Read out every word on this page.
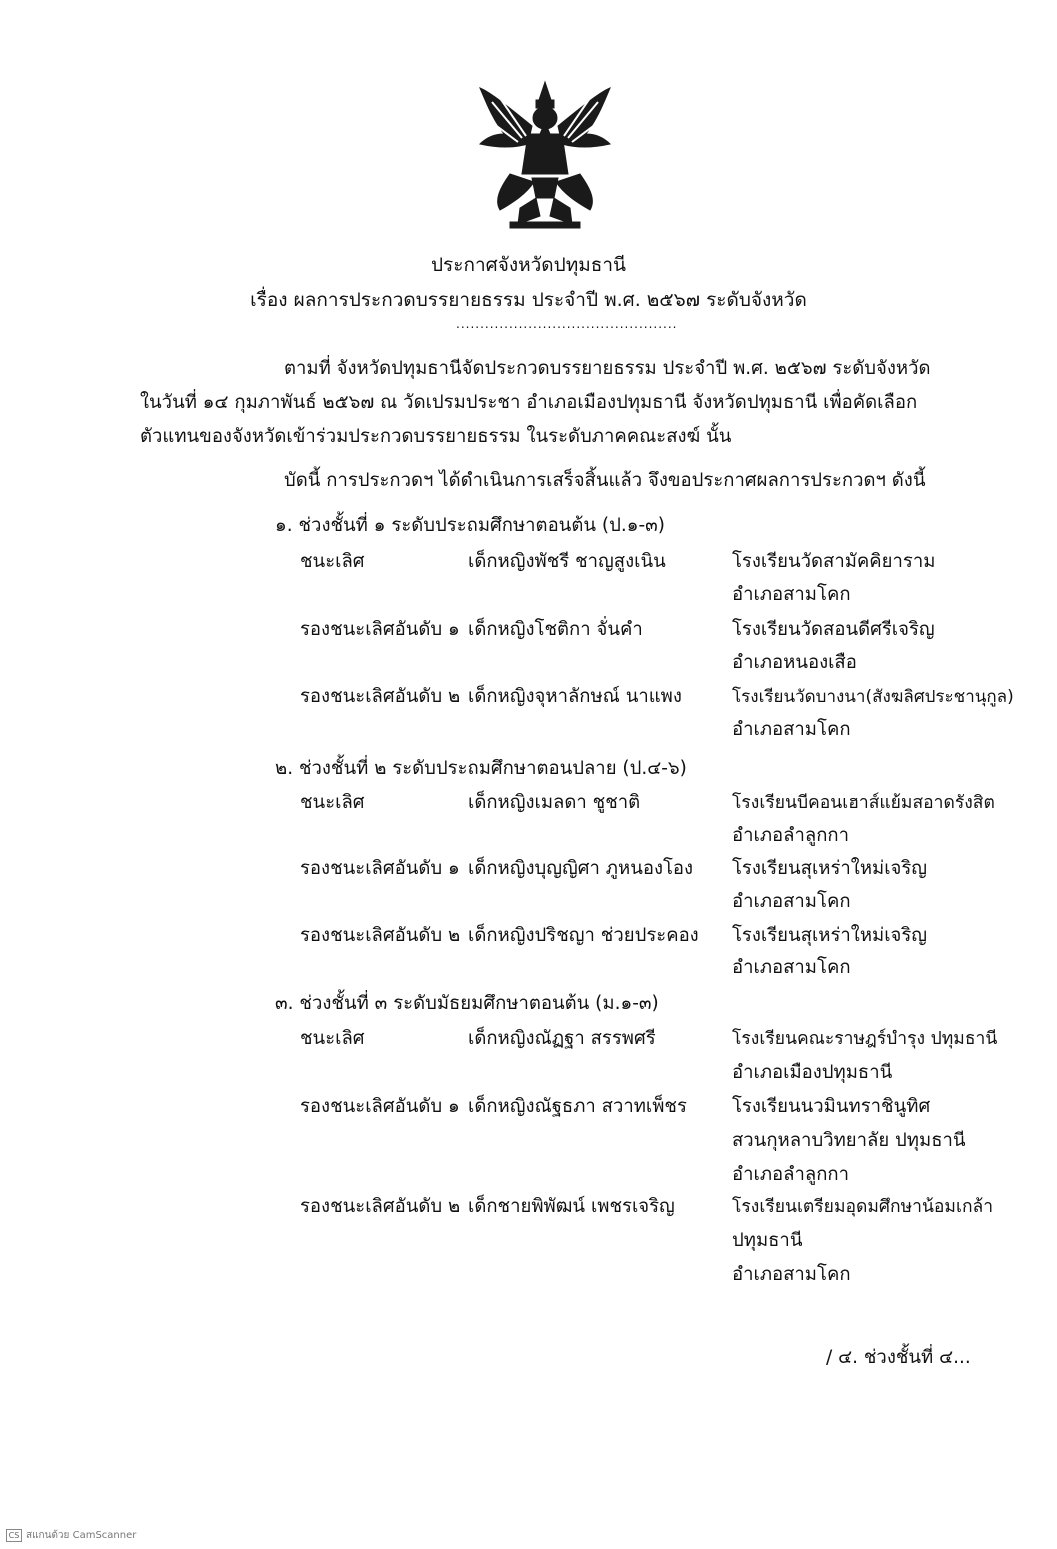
ประกาศจังหวัดปทุมธานี
เรื่อง ผลการประกวดบรรยายธรรม ประจำปี พ.ศ. ๒๕๖๗ ระดับจังหวัด
..............................................
ตามที่ จังหวัดปทุมธานีจัดประกวดบรรยายธรรม ประจำปี พ.ศ. ๒๕๖๗ ระดับจังหวัด
ในวันที่ ๑๔ กุมภาพันธ์ ๒๕๖๗ ณ วัดเปรมประชา อำเภอเมืองปทุมธานี จังหวัดปทุมธานี เพื่อคัดเลือก
ตัวแทนของจังหวัดเข้าร่วมประกวดบรรยายธรรม ในระดับภาคคณะสงฆ์ นั้น
บัดนี้ การประกวดฯ ได้ดำเนินการเสร็จสิ้นแล้ว จึงขอประกาศผลการประกวดฯ ดังนี้
๑. ช่วงชั้นที่ ๑ ระดับประถมศึกษาตอนต้น (ป.๑-๓)
ชนะเลิศ	เด็กหญิงพัชรี ชาญสูงเนิน	โรงเรียนวัดสามัคคิยาราม
อำเภอสามโคก
รองชนะเลิศอันดับ ๑ เด็กหญิงโชติกา จั่นคำ	โรงเรียนวัดสอนดีศรีเจริญ
อำเภอหนองเสือ
รองชนะเลิศอันดับ ๒ เด็กหญิงจุหาลักษณ์ นาแพง	โรงเรียนวัดบางนา(สังฆลิศประชานุกูล)
อำเภอสามโคก
๒. ช่วงชั้นที่ ๒ ระดับประถมศึกษาตอนปลาย (ป.๔-๖)
ชนะเลิศ	เด็กหญิงเมลดา ชูชาติ	โรงเรียนบีคอนเฮาส์แย้มสอาดรังสิต
อำเภอลำลูกกา
รองชนะเลิศอันดับ ๑ เด็กหญิงบุญญิศา ภูหนองโอง โรงเรียนสุเหร่าใหม่เจริญ
อำเภอสามโคก
รองชนะเลิศอันดับ ๒ เด็กหญิงปริชญา ช่วยประคอง โรงเรียนสุเหร่าใหม่เจริญ
อำเภอสามโคก
๓. ช่วงชั้นที่ ๓ ระดับมัธยมศึกษาตอนต้น (ม.๑-๓)
ชนะเลิศ	เด็กหญิงณัฏฐา สรรพศรี	โรงเรียนคณะราษฎร์บำรุง ปทุมธานี
อำเภอเมืองปทุมธานี
รองชนะเลิศอันดับ ๑ เด็กหญิงณัฐธภา สวาทเพ็ชร โรงเรียนนวมินทราชินูทิศ
สวนกุหลาบวิทยาลัย ปทุมธานี
อำเภอลำลูกกา
รองชนะเลิศอันดับ ๒ เด็กชายพิพัฒน์ เพชรเจริญ	โรงเรียนเตรียมอุดมศึกษาน้อมเกล้า
ปทุมธานี
อำเภอสามโคก
/ ๔. ช่วงชั้นที่ ๔...
CS สแกนด้วย CamScanner
